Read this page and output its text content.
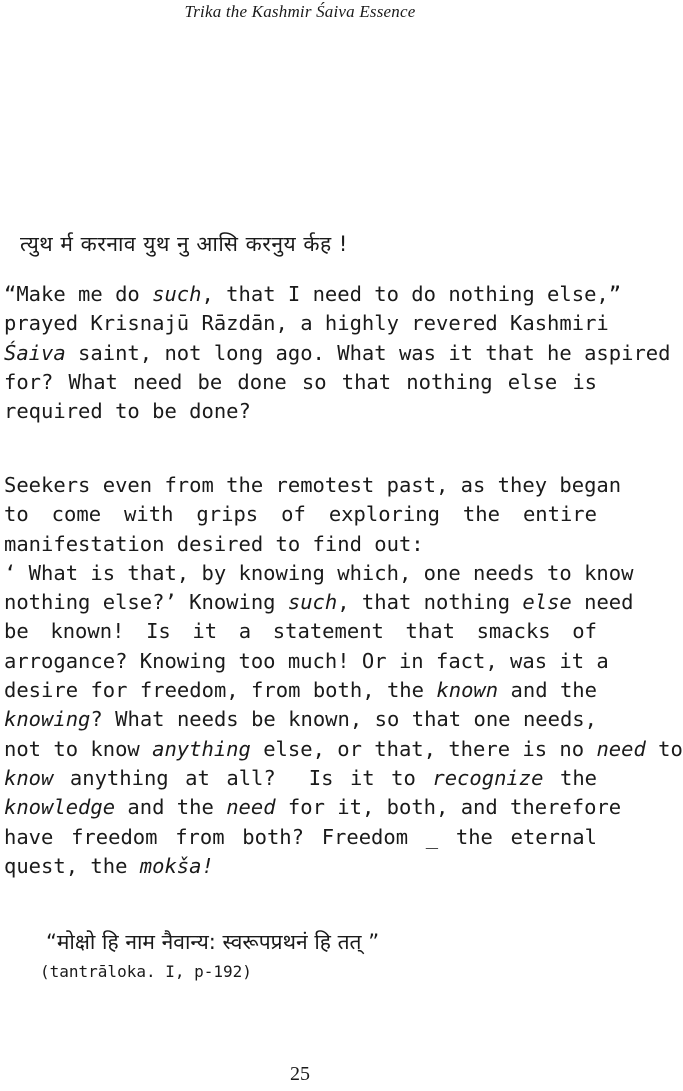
Trika the Kashmir Śaiva Essence
त्युथ र्म करनाव युथ नु आसि करनुय र्कह !
“Make me do such, that I need to do nothing else,”
prayed Krisnajū Rāzdān, a highly revered Kashmiri
Śaiva saint, not long ago. What was it that he aspired
for? What need be done so that nothing else is
required to be done?
Seekers even from the remotest past, as they began
to come with grips of exploring the entire
manifestation desired to find out:
‘ What is that, by knowing which, one needs to know
nothing else?’ Knowing such, that nothing else need
be known! Is it a statement that smacks of
arrogance? Knowing too much! Or in fact, was it a
desire for freedom, from both, the known and the
knowing? What needs be known, so that one needs,
not to know anything else, or that, there is no need to
know anything at all?  Is it to recognize the
knowledge and the need for it, both, and therefore
have freedom from both? Freedom _ the eternal
quest, the mokša!
“मोक्षो हि नाम नैवान्य: स्वरूपप्रथनं हि तत् ”
(tantrāloka. I, p-192)
25
